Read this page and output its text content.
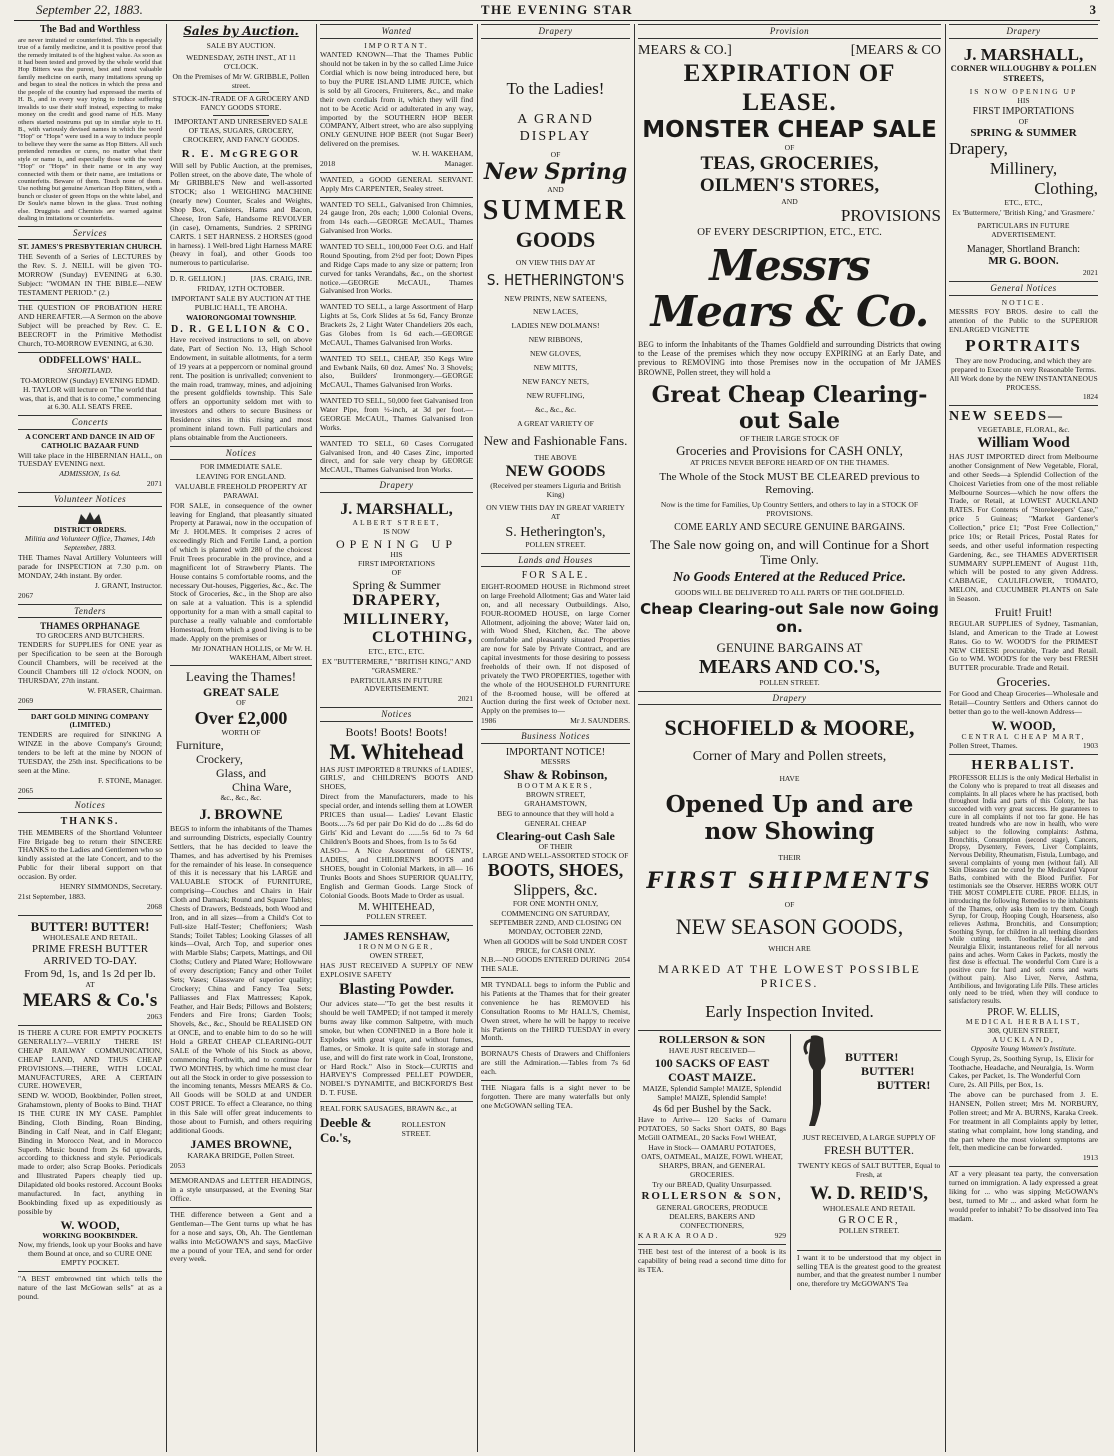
September 22, 1883.	THE EVENING STAR	3
The Bad and Worthless

are never imitated or counterfeited. This is especially true of a family medicine, and it is positive proof that the remedy imitated is of the highest value. As soon as it had been tested and proved by the whole world that Hop Bitters was the purest, best and most valuable family medicine on earth, many imitations sprung up and began to steal the notices in which the press and the people of the country had expressed the merits of H. B., and in every way trying to induce suffering invalids to use their stuff instead, expecting to make money on the credit and good name of H.B. Many others started nostrums put up in similar style to H. B., with variously devised names in which the word "Hop" or "Hops" were used in a way to induce people to believe they were the same as Hop Bitters. All such pretended remedies or cures, no matter what their style or name is, and especially those with the word "Hop" or "Hops" in their name or in any way connected with them or their name, are imitations or counterfeits. Beware of them. Touch none of them. Use nothing but genuine American Hop Bitters, with a bunch or cluster of green Hops on the white label, and Dr Soule's name blown in the glass. Trust nothing else. Druggists and Chemists are warned against dealing in imitations or counterfeits.

Services
ST. JAMES'S PRESBYTERIAN CHURCH.

THE Seventh of a Series of LECTURES by the Rev. S. J. NEILL will be given TO-MORROW (Sunday) EVENING at 6.30. Subject: "WOMAN IN THE BIBLE—NEW TESTAMENT PERIOD." (2.)

THE QUESTION OF PROBATION HERE AND HEREAFTER.—A Sermon on the above Subject will be preached by Rev. C. E. BEECROFT in the Primitive Methodist Church, TO-MORROW EVENING, at 6.30.

ODDFELLOWS' HALL.
SHORTLAND.

TO-MORROW (Sunday) EVENING EDMD. H. TAYLOR will lecture on "The world that was, that is, and that is to come," commencing at 6.30. ALL SEATS FREE.

Concerts

A CONCERT AND DANCE IN AID OF CATHOLIC BAZAAR FUND

Will take place in the HIBERNIAN HALL, on TUESDAY EVENING next.

ADMISSION, 1s 6d.

2071

Volunteer Notices
DISTRICT ORDERS.

Militia and Volunteer Office, Thames, 14th September, 1883.

THE Thames Naval Artillery Volunteers will parade for INSPECTION at 7.30 p.m. on MONDAY, 24th instant. By order.

J. GRANT, Instructor.

2067

Tenders
THAMES ORPHANAGE
TO GROCERS AND BUTCHERS.

TENDERS for SUPPLIES for ONE year as per Specification to be seen at the Borough Council Chambers, will be received at the Council Chambers till 12 o'clock NOON, on THURSDAY, 27th instant.

W. FRASER, Chairman.

2069

DART GOLD MINING COMPANY (LIMITED.)

TENDERS are required for SINKING A WINZE in the above Company's Ground; tenders to be left at the mine by NOON of TUESDAY, the 25th inst. Specifications to be seen at the Mine.

F. STONE, Manager.

2065

Notices
THANKS.

THE MEMBERS of the Shortland Volunteer Fire Brigade beg to return their SINCERE THANKS to the Ladies and Gentlemen who so kindly assisted at the late Concert, and to the Public for their liberal support on that occasion. By order.

HENRY SIMMONDS, Secretary.

21st September, 1883.

2068

BUTTER! BUTTER!
WHOLESALE AND RETAIL.
PRIME FRESH BUTTER ARRIVED TO-DAY.
From 9d, 1s, and 1s 2d per lb.
AT
MEARS & Co.'s

2063

IS THERE A CURE FOR EMPTY POCKETS GENERALLY?—VERILY THERE IS! CHEAP RAILWAY COMMUNICATION, CHEAP LAND, AND THUS CHEAP PROVISIONS.—THERE, WITH LOCAL MANUFACTURES, ARE A CERTAIN CURE. HOWEVER,

SEND W. WOOD, Bookbinder, Pollen street, Grahamstown, plenty of Books to Bind. THAT IS THE CURE IN MY CASE. Pamphlet Binding, Cloth Binding, Roan Binding, Binding in Calf Neat, and in Calf Elegant; Binding in Morocco Neat, and in Morocco Superb. Music bound from 2s 6d upwards, according to thickness and style. Periodicals made to order; also Scrap Books. Periodicals and Illustrated Papers cheaply tied up. Dilapidated old books restored. Account Books manufactured. In fact, anything in Bookbinding fixed up as expeditiously as possible by

W. WOOD,
WORKING BOOKBINDER.

Now, my friends, look up your Books and have them Bound at once, and so CURE ONE EMPTY POCKET.

"A BEST embrowned tint which tells the nature of the last McGowan sells" at as a pound.

Sales by Auction.
SALE BY AUCTION.

WEDNESDAY, 26TH INST., AT 11 O'CLOCK.

On the Premises of Mr W. GRIBBLE, Pollen street.

STOCK-IN-TRADE OF A GROCERY AND FANCY GOODS STORE.

IMPORTANT AND UNRESERVED SALE OF TEAS, SUGARS, GROCERY, CROCKERY, AND FANCY GOODS.

R. E. McGREGOR

Will sell by Public Auction, at the premises, Pollen street, on the above date, The whole of Mr GRIBBLE'S New and well-assorted STOCK; also 1 WEIGHING MACHINE (nearly new) Counter, Scales and Weights, Shop Box, Canisters, Hams and Bacon, Cheese, Iron Safe, Handsome REVOLVER (in case), Ornaments, Sundries. 2 SPRING CARTS. 1 SET HARNESS. 2 HORSES (good in harness). 1 Well-bred Light Harness MARE (heavy in foal), and other Goods too numerous to particularise.

D. R. GELLION.]	[JAS. CRAIG, INR.

FRIDAY, 12TH OCTOBER.

IMPORTANT SALE BY AUCTION AT THE PUBLIC HALL, TE AROHA.

WAIORONGOMAI TOWNSHIP.

D. R. GELLION & CO.

Have received instructions to sell, on above date, Part of Section No. 13, High School Endowment, in suitable allotments, for a term of 19 years at a peppercorn or nominal ground rent. The position is unrivalled; convenient to the main road, tramway, mines, and adjoining the present goldfields township. This Sale offers an opportunity seldom met with to investors and others to secure Business or Residence sites in this rising and most prominent inland town. Full particulars and plans obtainable from the Auctioneers.

Notices

FOR IMMEDIATE SALE.

LEAVING FOR ENGLAND.

VALUABLE FREEHOLD PROPERTY AT PARAWAI.

FOR SALE, in consequence of the owner leaving for England, that pleasantly situated Property at Parawai, now in the occupation of Mr J. HOLMES. It comprises 2 acres of exceedingly Rich and Fertile Land, a portion of which is planted with 280 of the choicest Fruit Trees procurable in the province, and a magnificent lot of Strawberry Plants. The House contains 5 comfortable rooms, and the necessary Out-houses, Piggeries, &c., &c. The Stock of Groceries, &c., in the Shop are also on sale at a valuation. This is a splendid opportunity for a man with a small capital to purchase a really valuable and comfortable Homestead, from which a good living is to be made. Apply on the premises or

Mr JONATHAN HOLLIS, or Mr W. H. WAKEHAM, Albert street.

Leaving the Thames!
GREAT SALE
OF
Over £2,000
WORTH OF
Furniture,
Crockery,
Glass, and
China Ware,
&c., &c., &c.
J. BROWNE

BEGS to inform the inhabitants of the Thames and surrounding Districts, especially Country Settlers, that he has decided to leave the Thames, and has advertised by his Premises for the remainder of his lease. In consequence of this it is necessary that his LARGE and VALUABLE STOCK of FURNITURE, comprising—Couches and Chairs in Hair Cloth and Damask; Round and Square Tables; Chests of Drawers, Bedsteads, both Wood and Iron, and in all sizes—from a Child's Cot to Full-size Half-Tester; Cheffoniers; Wash Stands; Toilet Tables; Looking Glasses of all kinds—Oval, Arch Top, and superior ones with Marble Slabs; Carpets, Mattings, and Oil Cloths; Cutlery and Plated Ware; Hollowware of every description; Fancy and other Toilet Sets; Vases; Glassware of superior quality; Crockery; China and Fancy Tea Sets; Palliasses and Flax Mattresses; Kapok, Feather, and Hair Beds; Pillows and Bolsters; Fenders and Fire Irons; Garden Tools; Shovels, &c., &c., Should be REALISED ON at ONCE, and to enable him to do so he will Hold a GREAT CHEAP CLEARING-OUT SALE of the Whole of his Stock as above, commencing Forthwith, and to continue for TWO MONTHS, by which time he must clear out all the Stock in order to give possession to the incoming tenants, Messrs MEARS & Co. All Goods will be SOLD at and UNDER COST PRICE. To effect a Clearance, no thing in this Sale will offer great inducements to those about to Furnish, and others requiring additional Goods.

JAMES BROWNE,

KARAKA BRIDGE, Pollen Street.

2053

MEMORANDAS and LETTER HEADINGS, in a style unsurpassed, at the Evening Star Office.

THE difference between a Gent and a Gentleman—The Gent turns up what he has for a nose and says, Oh, Ah. The Gentleman walks into McGOWAN'S and says, MacGive me a pound of your TEA, and send for order every week.

Wanted
IMPORTANT.

WANTED KNOWN—That the Thames Public should not be taken in by the so called Lime Juice Cordial which is now being introduced here, but to buy the PURE ISLAND LIME JUICE, which is sold by all Grocers, Fruiterers, &c., and make their own cordials from it, which they will find not to be Acetic Acid or adulterated in any way, imported by the SOUTHERN HOP BEER COMPANY, Albert street, who are also supplying ONLY GENUINE HOP BEER (not Sugar Beer) delivered on the premises.

W. H. WAKEHAM,

2018	Manager.

WANTED, a GOOD GENERAL SERVANT. Apply Mrs CARPENTER, Sealey street.

WANTED TO SELL, Galvanised Iron Chimnies, 24 gauge Iron, 20s each; 1,000 Colonial Ovens, from 14s each.—GEORGE McCAUL, Thames Galvanised Iron Works.

WANTED TO SELL, 100,000 Feet O.G. and Half Round Spouting, from 2½d per foot; Down Pipes and Ridge Caps made to any size or pattern; Iron curved for tanks Verandahs, &c., on the shortest notice.—GEORGE McCAUL, Thames Galvanised Iron Works.

WANTED TO SELL, a large Assortment of Harp Lights at 5s, Cork Slides at 5s 6d, Fancy Bronze Brackets 2s, 2 Light Water Chandeliers 20s each, Gas Globes from 1s 6d each.—GEORGE McCAUL, Thames Galvanised Iron Works.

WANTED TO SELL, CHEAP, 350 Kegs Wire and Ewbank Nails, 60 doz. Ames' No. 3 Shovels; also, Builders' Ironmongery.—GEORGE McCAUL, Thames Galvanised Iron Works.

WANTED TO SELL, 50,000 feet Galvanised Iron Water Pipe, from ½-inch, at 3d per foot.—GEORGE McCAUL, Thames Galvanised Iron Works.

WANTED TO SELL, 60 Cases Corrugated Galvanised Iron, and 40 Cases Zinc, imported direct, and for sale very cheap by GEORGE McCAUL, Thames Galvanised Iron Works.

Drapery
J. MARSHALL,
ALBERT STREET,
IS NOW
OPENING UP
HIS
FIRST IMPORTATIONS
OF
Spring & Summer
DRAPERY,
MILLINERY,
CLOTHING,
ETC., ETC., ETC.

EX "BUTTERMERE," "BRITISH KING," AND "GRASMERE."

PARTICULARS IN FUTURE ADVERTISEMENT.

2021

Notices
Boots! Boots! Boots!
M. Whitehead

HAS JUST IMPORTED 8 TRUNKS of LADIES', GIRLS', and CHILDREN'S BOOTS AND SHOES,

Direct from the Manufacturers, made to his special order, and intends selling them at LOWER PRICES than usual— Ladies' Levant Elastic Boots.....7s 6d per pair Do Kid do do ....8s 6d do Girls' Kid and Levant do .......5s 6d to 7s 6d Children's Boots and Shoes, from 1s to 5s 6d

ALSO— A Nice Assortment of GENTS', LADIES, and CHILDREN'S BOOTS and SHOES, bought in Colonial Markets, in all— 16 Trunks Boots and Shoes SUPERIOR QUALITY, English and German Goods. Large Stock of Colonial Goods. Boots Made to Order as usual.

M. WHITEHEAD,
POLLEN STREET.
JAMES RENSHAW,
IRONMONGER,
OWEN STREET,

HAS JUST RECEIVED A SUPPLY OF NEW EXPLOSIVE SAFETY

Blasting Powder.

Our advices state—"To get the best results it should be well TAMPED; if not tamped it merely burns away like common Saltpetre, with much smoke, but when CONFINED in a Bore hole it Explodes with great vigor, and without fumes, flames, or Smoke. It is quite safe in storage and use, and will do first rate work in Coal, Ironstone, or Hard Rock." Also in Stock—CURTIS and HARVEY'S Compressed PELLET POWDER, NOBEL'S DYNAMITE, and BICKFORD'S Best D. T. FUSE.

REAL FORK SAUSAGES, BRAWN &c., at

Deeble & Co.'s,
ROLLESTON STREET.
Drapery
To the Ladies!
A GRAND DISPLAY
OF
New Spring
AND
SUMMER
GOODS
ON VIEW THIS DAY AT
S. HETHERINGTON'S
NEW PRINTS, NEW SATEENS,
NEW LACES,
LADIES NEW DOLMANS!
NEW RIBBONS,
NEW GLOVES,
NEW MITTS,
NEW FANCY NETS,
NEW RUFFLING,
&c., &c., &c.
A GREAT VARIETY OF
New and Fashionable Fans.
THE ABOVE
NEW GOODS
(Received per steamers Liguria and British King)
ON VIEW THIS DAY IN GREAT VARIETY AT
S. Hetherington's,
POLLEN STREET.
Lands and Houses
FOR SALE.

EIGHT-ROOMED HOUSE in Richmond street on large Freehold Allotment; Gas and Water laid on, and all necessary Outbuildings. Also, FOUR-ROOMED HOUSE, on large Corner Allotment, adjoining the above; Water laid on, with Wood Shed, Kitchen, &c. The above comfortable and pleasantly situated Properties are now for Sale by Private Contract, and are capital investments for those desiring to possess freeholds of their own. If not disposed of privately the TWO PROPERTIES, together with the whole of the HOUSEHOLD FURNITURE of the 8-roomed house, will be offered at Auction during the first week of October next. Apply on the premises to—

1986	Mr J. SAUNDERS.
Business Notices
IMPORTANT NOTICE!
MESSRS
Shaw & Robinson,
BOOTMAKERS,
BROWN STREET,
GRAHAMSTOWN,

BEG to announce that they will hold a

GENERAL CHEAP
Clearing-out Cash Sale
OF THEIR
LARGE AND WELL-ASSORTED STOCK OF
BOOTS, SHOES,
Slippers, &c.
FOR ONE MONTH ONLY,

COMMENCING ON SATURDAY, SEPTEMBER 22ND, AND CLOSING ON MONDAY, OCTOBER 22ND,

When all GOODS will be Sold UNDER COST PRICE, for CASH ONLY.

N.B.—NO GOODS ENTERED DURING THE SALE.
2054

MR TYNDALL begs to inform the Public and his Patients at the Thames that for their greater convenience he has REMOVED his Consultation Rooms to Mr HALL'S, Chemist, Owen street, where he will be happy to receive his Patients on the THIRD TUESDAY in every Month.

BORNAU'S Chests of Drawers and Chiffoniers are still the Admiration.—Tables from 7s 6d each.

THE Niagara falls is a sight never to be forgotten. There are many waterfalls but only one McGOWAN selling TEA.

Provision
MEARS & CO.]	[MEARS & CO
EXPIRATION OF LEASE.
MONSTER CHEAP SALE
OF
TEAS, GROCERIES,
OILMEN'S STORES,
AND
PROVISIONS
OF EVERY DESCRIPTION, ETC., ETC.
Messrs Mears & Co.

BEG to inform the Inhabitants of the Thames Goldfield and surrounding Districts that owing to the Lease of the premises which they now occupy EXPIRING at an Early Date, and previous to REMOVING into those Premises now in the occupation of Mr JAMES BROWNE, Pollen street, they will hold a

Great Cheap Clearing-out Sale
OF THEIR LARGE STOCK OF
Groceries and Provisions for CASH ONLY,
AT PRICES NEVER BEFORE HEARD OF ON THE THAMES.
The Whole of the Stock MUST BE CLEARED previous to Removing.
Now is the time for Families, Up Country Settlers, and others to lay in a STOCK OF PROVISIONS.
COME EARLY AND SECURE GENUINE BARGAINS.
The Sale now going on, and will Continue for a Short Time Only.
No Goods Entered at the Reduced Price.
GOODS WILL BE DELIVERED TO ALL PARTS OF THE GOLDFIELD.
Cheap Clearing-out Sale now Going on.
GENUINE BARGAINS AT
MEARS AND CO.'S,
POLLEN STREET.
Drapery
SCHOFIELD & MOORE,
Corner of Mary and Pollen streets,
HAVE
Opened Up and are now Showing
THEIR
FIRST SHIPMENTS
OF
NEW SEASON GOODS,
WHICH ARE
MARKED AT THE LOWEST POSSIBLE PRICES.
Early Inspection Invited.
ROLLERSON & SON
HAVE JUST RECEIVED—
100 SACKS OF EAST COAST MAIZE.

MAIZE, Splendid Sample! MAIZE, Splendid Sample! MAIZE, Splendid Sample!

4s 6d per Bushel by the Sack.

Have to Arrive— 120 Sacks of Oamaru POTATOES, 50 Sacks Short OATS, 80 Bags McGill OATMEAL, 20 Sacks Fowl WHEAT,

Have in Stock— OAMARU POTATOES, OATS, OATMEAL, MAIZE, FOWL WHEAT, SHARPS, BRAN, and GENERAL GROCERIES.

Try our BREAD, Quality Unsurpassed.

ROLLERSON & SON,

GENERAL GROCERS, PRODUCE DEALERS, BAKERS AND CONFECTIONERS,

KARAKA ROAD.	929

THE best test of the interest of a book is its capability of being read a second time ditto for its TEA.

BUTTER!
BUTTER!
BUTTER!
JUST RECEIVED, A LARGE SUPPLY OF
FRESH BUTTER.

TWENTY KEGS of SALT BUTTER, Equal to Fresh, at

W. D. REID'S,
WHOLESALE AND RETAIL
GROCER,
POLLEN STREET.

I want it to be understood that my object in selling TEA is the greatest good to the greatest number, and that the greatest number 1 number one, therefore try McGOWAN'S Tea

Drapery
J. MARSHALL,
CORNER WILLOUGHBY & POLLEN STREETS,
IS NOW OPENING UP
HIS
FIRST IMPORTATIONS
OF
SPRING & SUMMER
Drapery,
Millinery,
Clothing,
ETC., ETC.,

Ex 'Buttermere,' 'British King,' and 'Grasmere.'

PARTICULARS IN FUTURE ADVERTISEMENT.

Manager, Shortland Branch:
MR G. BOON.

2021

General Notices
NOTICE.

MESSRS FOY BROS. desire to call the attention of the Public to the SUPERIOR ENLARGED VIGNETTE

PORTRAITS

They are now Producing, and which they are prepared to Execute on very Reasonable Terms. All Work done by the NEW INSTANTANEOUS PROCESS.

1824

NEW SEEDS—
VEGETABLE, FLORAL, &c.
William Wood

HAS JUST IMPORTED direct from Melbourne another Consignment of New Vegetable, Floral, and other Seeds—a Splendid Collection of the Choicest Varieties from one of the most reliable Melbourne Sources—which he now offers the Trade, or Retail, at LOWEST AUCKLAND RATES. For Contents of "Storekeepers' Case," price 5 Guineas; "Market Gardener's Collection," price £1; "Post Free Collection," price 10s; or Retail Prices, Postal Rates for seeds, and other useful information respecting Gardening, &c., see THAMES ADVERTISER SUMMARY SUPPLEMENT of August 11th, which will be posted to any given Address. CABBAGE, CAULIFLOWER, TOMATO, MELON, and CUCUMBER PLANTS on Sale in Season.

Fruit! Fruit!

REGULAR SUPPLIES of Sydney, Tasmanian, Island, and American to the Trade at Lowest Rates. Go to W. WOOD'S for the PRIMEST NEW CHEESE procurable, Trade and Retail. Go to WM. WOOD'S for the very best FRESH BUTTER procurable. Trade and Retail.

Groceries.

For Good and Cheap Groceries—Wholesale and Retail—Country Settlers and Others cannot do better than go to the well-known Address—

W. WOOD,
CENTRAL CHEAP MART,
Pollen Street, Thames.	1903
HERBALIST.

PROFESSOR ELLIS is the only Medical Herbalist in the Colony who is prepared to treat all diseases and complaints. In all places where he has practised, both throughout India and parts of this Colony, he has succeeded with very great success. He guarantees to cure in all complaints if not too far gone. He has treated hundreds who are now in health, who were subject to the following complaints: Asthma, Bronchitis, Consumption (second stage), Cancers, Dropsy, Dysentery, Fevers, Liver Complaints, Nervous Debility, Rheumatism, Fistula, Lumbago, and several complaints of young men (without fail). All Skin Diseases can be cured by the Medicated Vapour Baths, combined with the Blood Purifier. For testimonials see the Observer. HERBS WORK OUT THE MOST COMPLETE CURE. PROF. ELLIS, in introducing the following Remedies to the inhabitants of the Thames, only asks them to try them. Cough Syrup, for Croup, Hooping Cough, Hoarseness, also relieves Asthma, Bronchitis, and Consumption; Soothing Syrup, for children in all teething disorders while cutting teeth. Toothache, Headache and Neuralgia Elixir, instantaneous relief for all nervous pains and aches. Worm Cakes in Packets, mostly the first dose is effectual. The wonderful Corn Cure is a positive cure for hard and soft corns and warts (without pain). Also Liver, Nerve, Asthma, Antibilious, and Invigorating Life Pills. These articles only need to be tried, when they will conduce to satisfactory results.

PROF. W. ELLIS,
MEDICAL HERBALIST,
308, QUEEN STREET,
AUCKLAND,
Opposite Young Women's Institute.

Cough Syrup, 2s, Soothing Syrup, 1s, Elixir for Toothache, Headache, and Neuralgia, 1s. Worm Cakes, per Packet, 1s. The Wonderful Corn Cure, 2s. All Pills, per Box, 1s.

The above can be purchased from J. E. HANSEN, Pollen street; Mrs M. NORBURY, Pollen street; and Mr A. BURNS, Karaka Creek. For treatment in all Complaints apply by letter, stating what complaint, how long standing, and the part where the most violent symptoms are felt, then medicine can be forwarded.

1913

AT a very pleasant tea party, the conversation turned on immigration. A lady expressed a great liking for ... who was sipping McGOWAN's best, turned to Mr ... and asked what form he would prefer to inhabit? To be dissolved into Tea madam.
